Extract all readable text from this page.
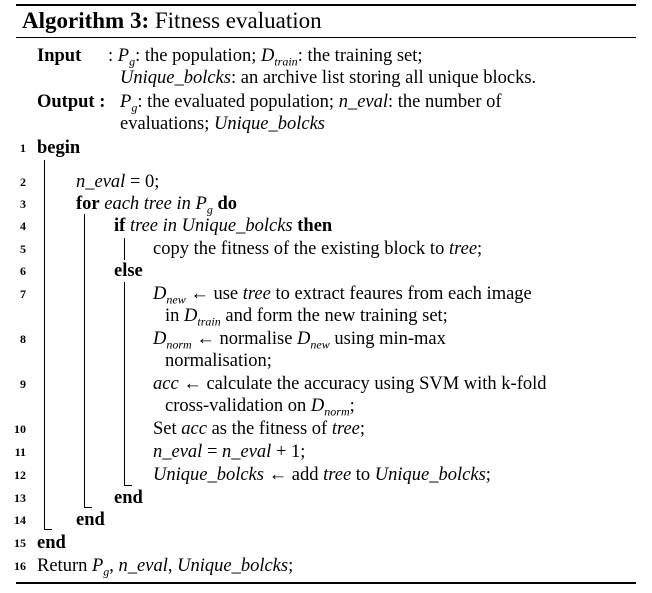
Algorithm 3: Fitness evaluation
Input : $P_g$: the population; $D_{train}$: the training set;
Unique_bolcks: an archive list storing all unique blocks.
Output : $P_g$: the evaluated population; n_eval: the number of
evaluations; Unique_bolcks
1
2
3
4
5
6
7
8
9
10
11
12
13
14
15
16
begin
n_eval = 0;
for each tree in $P_g$ do
if tree in Unique_bolcks then
copy the fitness of the existing block to tree;
else
$D_{new}$ ← use tree to extract feaures from each image
in $D_{train}$ and form the new training set;
$D_{norm}$ ← normalise $D_{new}$ using min-max
normalisation;
acc ← calculate the accuracy using SVM with k-fold
cross-validation on $D_{norm}$;
Set acc as the fitness of tree;
n_eval = n_eval + 1;
Unique_bolcks ← add tree to Unique_bolcks;
end
end
end
Return $P_g$, n_eval, Unique_bolcks;
